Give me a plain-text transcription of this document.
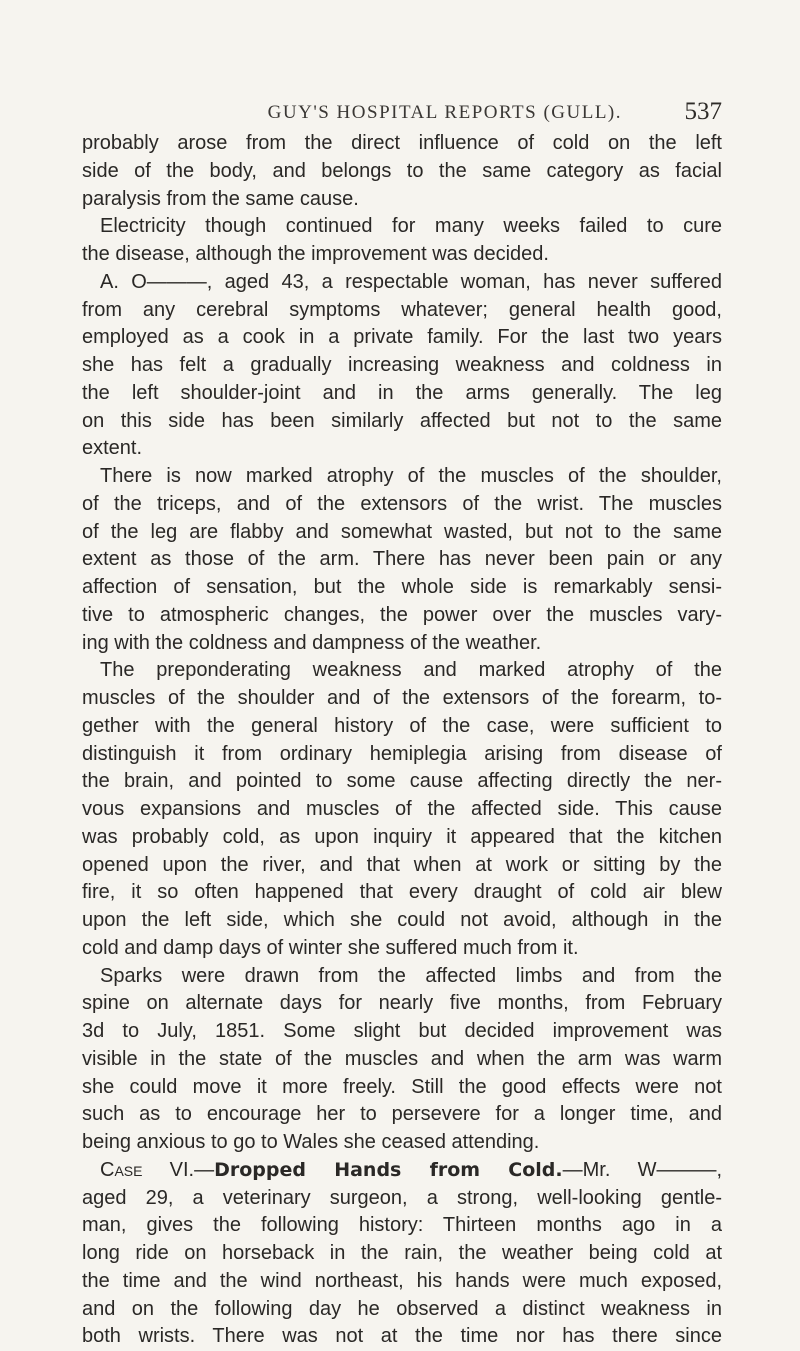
GUY'S HOSPITAL REPORTS (GULL).	537
probably arose from the direct influence of cold on the left
side of the body, and belongs to the same category as facial
paralysis from the same cause.
Electricity though continued for many weeks failed to cure
the disease, although the improvement was decided.
A. O———, aged 43, a respectable woman, has never suffered
from any cerebral symptoms whatever; general health good,
employed as a cook in a private family. For the last two years
she has felt a gradually increasing weakness and coldness in
the left shoulder-joint and in the arms generally. The leg
on this side has been similarly affected but not to the same
extent.
There is now marked atrophy of the muscles of the shoulder,
of the triceps, and of the extensors of the wrist. The muscles
of the leg are flabby and somewhat wasted, but not to the same
extent as those of the arm. There has never been pain or any
affection of sensation, but the whole side is remarkably sensi-
tive to atmospheric changes, the power over the muscles vary-
ing with the coldness and dampness of the weather.
The preponderating weakness and marked atrophy of the
muscles of the shoulder and of the extensors of the forearm, to-
gether with the general history of the case, were sufficient to
distinguish it from ordinary hemiplegia arising from disease of
the brain, and pointed to some cause affecting directly the ner-
vous expansions and muscles of the affected side. This cause
was probably cold, as upon inquiry it appeared that the kitchen
opened upon the river, and that when at work or sitting by the
fire, it so often happened that every draught of cold air blew
upon the left side, which she could not avoid, although in the
cold and damp days of winter she suffered much from it.
Sparks were drawn from the affected limbs and from the
spine on alternate days for nearly five months, from February
3d to July, 1851. Some slight but decided improvement was
visible in the state of the muscles and when the arm was warm
she could move it more freely. Still the good effects were not
such as to encourage her to persevere for a longer time, and
being anxious to go to Wales she ceased attending.
Case VI.—Dropped Hands from Cold.—Mr. W———,
aged 29, a veterinary surgeon, a strong, well-looking gentle-
man, gives the following history: Thirteen months ago in a
long ride on horseback in the rain, the weather being cold at
the time and the wind northeast, his hands were much exposed,
and on the following day he observed a distinct weakness in
both wrists. There was not at the time nor has there since
